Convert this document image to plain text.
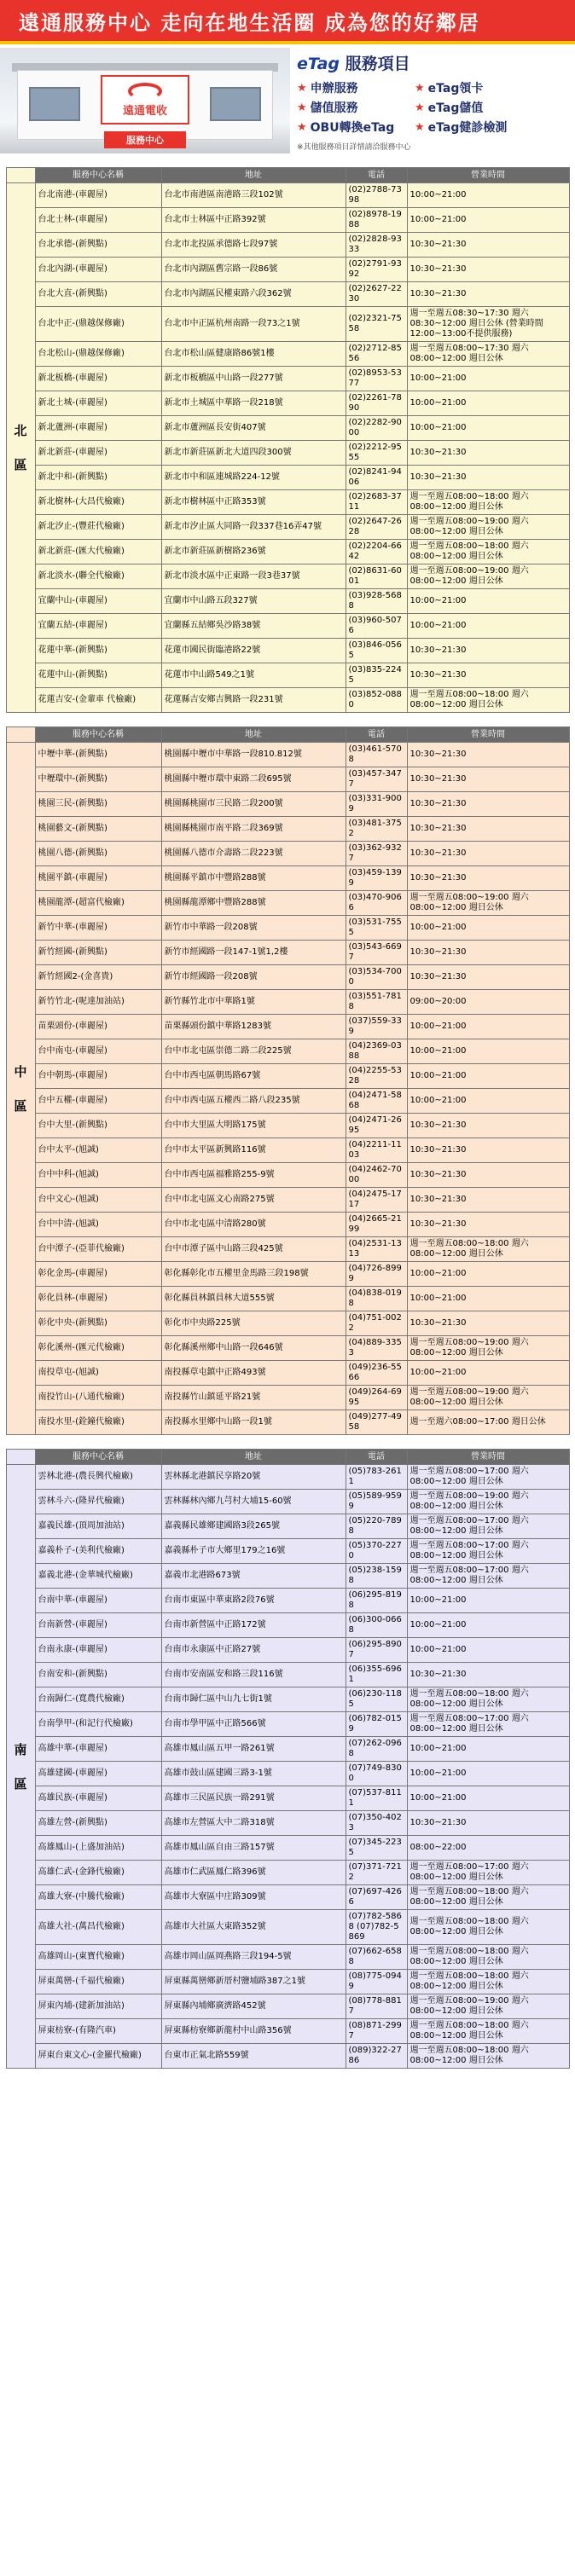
遠通服務中心 走向在地生活圈 成為您的好鄰居
遠通電收
服務中心
eTag 服務項目
★ 申辦服務	★ eTag領卡
★ 儲值服務	★ eTag儲值
★ OBU轉換eTag ★ eTag健診檢測
※其他服務項目詳情請洽服務中心
	服務中心名稱	地址	電話	營業時間
北

區	台北南港-(車麗屋)	台北市南港區南港路三段102號	(02)2788-7398	10:00~21:00
	台北士林-(車麗屋)	台北市士林區中正路392號	(02)8978-1988	10:00~21:00
	台北承德-(新興點)	台北市北投區承德路七段97號	(02)2828-9333	10:30~21:30
	台北內湖-(車麗屋)	台北市內湖區舊宗路一段86號	(02)2791-9392	10:30~21:30
	台北大直-(新興點)	台北市內湖區民權東路六段362號	(02)2627-2230	10:30~21:30
	台北中正-(鼎越保修廠)	台北市中正區杭州南路一段73之1號	(02)2321-7558	週一至週五08:30~17:30 週六08:30~12:00 週日公休 (營業時間12:00~13:00不提供服務)
	台北松山-(鼎越保修廠)	台北市松山區健康路86號1樓	(02)2712-8556	週一至週五08:00~17:30 週六08:00~12:00 週日公休
	新北板橋-(車麗屋)	新北市板橋區中山路一段277號	(02)8953-5377	10:00~21:00
	新北土城-(車麗屋)	新北市土城區中華路一段218號	(02)2261-7890	10:00~21:00
	新北蘆洲-(車麗屋)	新北市蘆洲區長安街407號	(02)2282-9000	10:00~21:00
	新北新莊-(車麗屋)	新北市新莊區新北大道四段300號	(02)2212-9555	10:30~21:30
	新北中和-(新興點)	新北市中和區連城路224-12號	(02)8241-9406	10:30~21:30
	新北樹林-(大昌代檢廠)	新北市樹林區中正路353號	(02)2683-3711	週一至週五08:00~18:00 週六08:00~12:00 週日公休
	新北汐止-(豐莊代檢廠)	新北市汐止區大同路一段337巷16弄47號	(02)2647-2628	週一至週五08:00~19:00 週六08:00~12:00 週日公休
	新北新莊-(匯大代檢廠)	新北市新莊區新樹路236號	(02)2204-6642	週一至週五08:00~18:00 週六08:00~12:00 週日公休
	新北淡水-(聯全代檢廠)	新北市淡水區中正東路一段3巷37號	(02)8631-6001	週一至週五08:00~19:00 週六08:00~12:00 週日公休
	宜蘭中山-(車麗屋)	宜蘭市中山路五段327號	(03)928-5688	10:00~21:00
	宜蘭五結-(車麗屋)	宜蘭縣五結鄉吳沙路38號	(03)960-5076	10:00~21:00
	花蓮中華-(新興點)	花蓮市國民街臨港路22號	(03)846-0565	10:30~21:30
	花蓮中山-(新興點)	花蓮市中山路549之1號	(03)835-2245	10:30~21:30
	花蓮吉安-(金輩車 代檢廠)	花蓮縣吉安鄉吉興路一段231號	(03)852-0880	週一至週五08:00~18:00 週六08:00~12:00 週日公休
	服務中心名稱	地址	電話	營業時間
中

區	中壢中華-(新興點)	桃園縣中壢市中華路一段810.812號	(03)461-5708	10:30~21:30
	中壢環中-(新興點)	桃園縣中壢市環中東路二段695號	(03)457-3477	10:30~21:30
	桃園三民-(新興點)	桃園縣桃園市三民路二段200號	(03)331-9009	10:30~21:30
	桃園藝文-(新興點)	桃園縣桃園市南平路二段369號	(03)481-3752	10:30~21:30
	桃園八德-(新興點)	桃園縣八德市介壽路二段223號	(03)362-9327	10:30~21:30
	桃園平鎮-(車麗屋)	桃園縣平鎮市中豐路288號	(03)459-1399	10:30~21:30
	桃園龍潭-(超富代檢廠)	桃園縣龍潭鄉中豐路288號	(03)470-9066	週一至週五08:00~19:00 週六08:00~12:00 週日公休
	新竹中華-(車麗屋)	新竹市中華路一段208號	(03)531-7555	10:00~21:00
	新竹經國-(新興點)	新竹市經國路一段147-1號1,2樓	(03)543-6697	10:30~21:30
	新竹經國2-(金喜貴)	新竹市經國路一段208號	(03)534-7000	10:30~21:30
	新竹竹北-(呢達加油站)	新竹縣竹北市中華路1號	(03)551-7818	09:00~20:00
	苗栗頭份-(車麗屋)	苗栗縣頭份鎮中華路1283號	(037)559-339	10:00~21:00
	台中南屯-(車麗屋)	台中市北屯區崇德二路二段225號	(04)2369-0388	10:00~21:00
	台中朝馬-(車麗屋)	台中市西屯區朝馬路67號	(04)2255-5328	10:00~21:00
	台中五權-(車麗屋)	台中市西屯區五權西二路八段235號	(04)2471-5868	10:00~21:00
	台中大里-(新興點)	台中市大里區大明路175號	(04)2471-2695	10:30~21:30
	台中太平-(旭誠)	台中市太平區新興路116號	(04)2211-1103	10:30~21:30
	台中中科-(旭誠)	台中市西屯區福雅路255-9號	(04)2462-7000	10:30~21:30
	台中文心-(旭誠)	台中市北屯區文心南路275號	(04)2475-1717	10:30~21:30
	台中中清-(旭誠)	台中市北屯區中清路280號	(04)2665-2199	10:30~21:30
	台中潭子-(亞菲代檢廠)	台中市潭子區中山路三段425號	(04)2531-1313	週一至週五08:00~18:00 週六08:00~12:00 週日公休
	彰化金馬-(車麗屋)	彰化縣彰化市五權里金馬路三段198號	(04)726-8999	10:00~21:00
	彰化員林-(車麗屋)	彰化縣員林鎮員林大道555號	(04)838-0198	10:00~21:00
	彰化中央-(新興點)	彰化市中央路225號	(04)751-0022	10:30~21:30
	彰化溪州-(匯元代檢廠)	彰化縣溪州鄉中山路一段646號	(04)889-3353	週一至週五08:00~19:00 週六08:00~12:00 週日公休
	南投草屯-(旭誠)	南投縣草屯鎮中正路493號	(049)236-5566	10:00~21:00
	南投竹山-(八通代檢廠)	南投縣竹山鎮延平路21號	(049)264-6995	週一至週五08:00~19:00 週六08:00~12:00 週日公休
	南投水里-(銓鐘代檢廠)	南投縣水里鄉中山路一段1號	(049)277-4958	週一至週六08:00~17:00 週日公休
	服務中心名稱	地址	電話	營業時間
南

區	雲林北港-(農長興代檢廠)	雲林縣北港鎮民享路20號	(05)783-2611	週一至週五08:00~17:00 週六08:00~12:00 週日公休
	雲林斗六-(隆昇代檢廠)	雲林縣林內鄉九芎村大埔15-60號	(05)589-9599	週一至週五08:00~19:00 週六08:00~12:00 週日公休
	嘉義民雄-(頂周加油站)	嘉義縣民雄鄉建國路3段265號	(05)220-7898	週一至週五08:00~17:00 週六08:00~12:00 週日公休
	嘉義朴子-(美利代檢廠)	嘉義縣朴子市大鄉里179之16號	(05)370-2270	週一至週五08:00~17:00 週六08:00~12:00 週日公休
	嘉義北港-(金華城代檢廠)	嘉義市北港路673號	(05)238-1598	週一至週五08:00~17:00 週六08:00~12:00 週日公休
	台南中華-(車麗屋)	台南市東區中華東路2段76號	(06)295-8198	10:00~21:00
	台南新營-(車麗屋)	台南市新營區中正路172號	(06)300-0668	10:00~21:00
	台南永康-(車麗屋)	台南市永康區中正路27號	(06)295-8907	10:00~21:00
	台南安和-(新興點)	台南市安南區安和路三段116號	(06)355-6961	10:30~21:30
	台南歸仁-(寬農代檢廠)	台南市歸仁區中山九七街1號	(06)230-1185	週一至週五08:00~18:00 週六08:00~12:00 週日公休
	台南學甲-(和記行代檢廠)	台南市學甲區中正路566號	(06)782-0159	週一至週五08:00~17:00 週六08:00~12:00 週日公休
	高雄中華-(車麗屋)	高雄市鳳山區五甲一路261號	(07)262-0968	10:00~21:00
	高雄建國-(車麗屋)	高雄市鼓山區建國三路3-1號	(07)749-8300	10:00~21:00
	高雄民族-(車麗屋)	高雄市三民區民族一路291號	(07)537-8111	10:00~21:00
	高雄左營-(新興點)	高雄市左營區大中二路318號	(07)350-4023	10:30~21:30
	高雄鳳山-(上盛加油站)	高雄市鳳山區自由三路157號	(07)345-2235	08:00~22:00
	高雄仁武-(金鋒代檢廠)	高雄市仁武區鳳仁路396號	(07)371-7212	週一至週五08:00~17:00 週六08:00~12:00 週日公休
	高雄大寮-(中騰代檢廠)	高雄市大寮區中庄路309號	(07)697-4266	週一至週五08:00~18:00 週六08:00~12:00 週日公休
	高雄大社-(萬昌代檢廠)	高雄市大社區大東路352號	(07)782-5868 (07)782-5869	週一至週五08:00~18:00 週六08:00~12:00 週日公休
	高雄岡山-(東寶代檢廠)	高雄市岡山區岡燕路三段194-5號	(07)662-6588	週一至週五08:00~18:00 週六08:00~12:00 週日公休
	屏東萬巒-(千福代檢廠)	屏東縣萬巒鄉新厝村鹽埔路387之1號	(08)775-0949	週一至週五08:00~18:00 週六08:00~12:00 週日公休
	屏東內埔-(建新加油站)	屏東縣內埔鄉廣濟路452號	(08)778-8817	週一至週五08:00~19:00 週六08:00~12:00 週日公休
	屏東枋寮-(有隆汽車)	屏東縣枋寮鄉新龍村中山路356號	(08)871-2997	週一至週五08:00~18:00 週六08:00~12:00 週日公休
	屏東台東文心-(金羅代檢廠)	台東市正氣北路559號	(089)322-2786	週一至週五08:00~18:00 週六08:00~12:00 週日公休
